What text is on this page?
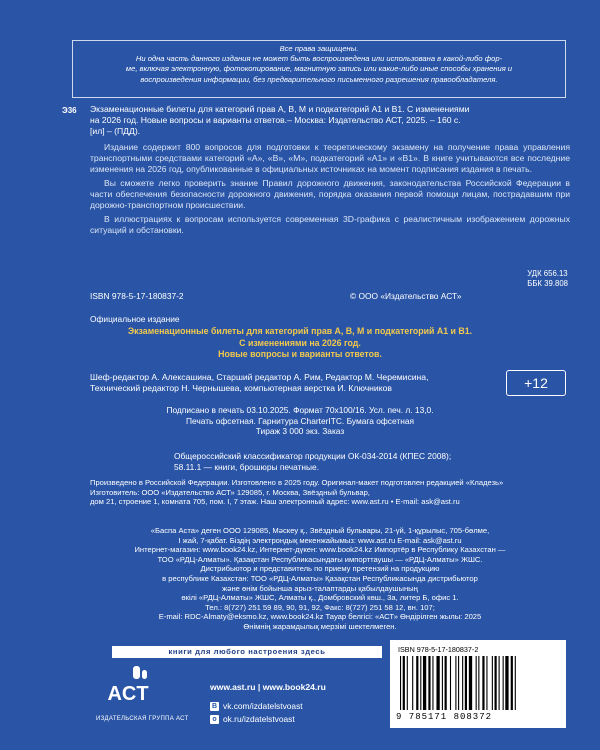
Все права защищены.
Ни одна часть данного издания не может быть воспроизведена или использована в какой-либо фор-
ме, включая электронную, фотокопирование, магнитную запись или какие-либо иные способы хранения и
воспроизведения информации, без предварительного письменного разрешения правообладателя.
Э36 Экзаменационные билеты для категорий прав А, В, М и подкатегорий А1 и В1. С изменениями
на 2026 год. Новые вопросы и варианты ответов.– Москва: Издательство АСТ, 2025. – 160 с.
[ил] – (ПДД).

Издание содержит 800 вопросов для подготовки к теоретическому экзамену на получение права управления транспортными средствами категорий «А», «В», «М», подкатегорий «А1» и «В1». В книге учитываются все последние изменения на 2026 год, опубликованные в официальных источниках на момент подписания издания в печать.

Вы сможете легко проверить знание Правил дорожного движения, законодательства Российской Федерации в части обеспечения безопасности дорожного движения, порядка оказания первой помощи лицам, пострадавшим при дорожно-транспортном происшествии.

В иллюстрациях к вопросам используется современная 3D-графика с реалистичным изображением дорожных ситуаций и обстановки.

УДК 656.13
ББК 39.808
ISBN 978-5-17-180837-2	© ООО «Издательство АСТ»
Официальное издание
Экзаменационные билеты для категорий прав А, В, М и подкатегорий А1 и В1.
С изменениями на 2026 год.
Новые вопросы и варианты ответов.
Шеф-редактор А. Алексашина, Старший редактор А. Рим, Редактор М. Черемисина,
Технический редактор Н. Чернышева, компьютерная верстка И. Ключников	+12
Подписано в печать 03.10.2025. Формат 70x100/16. Усл. печ. л. 13,0.
Печать офсетная. Гарнитура CharterITC. Бумага офсетная
Тираж 3 000 экз. Заказ
Общероссийский классификатор продукции ОК-034-2014 (КПЕС 2008);
58.11.1 — книги, брошюры печатные.
Произведено в Российской Федерации. Изготовлено в 2025 году. Оригинал-макет подготовлен редакцией «Кладезь»
Изготовитель: ООО «Издательство АСТ» 129085, г. Москва, Звёздный бульвар,
дом 21, строение 1, комната 705, пом. I, 7 этаж. Наш электронный адрес: www.ast.ru • E-mail: ask@ast.ru
«Баспа Аста» деген ООО 129085, Мәскеу қ., Звёздный бульвары, 21-үй, 1-құрылыс, 705-бөлме,
I жай, 7-қабат. Біздің электрондық мекенжайымыз: www.ast.ru E-mail: ask@ast.ru
Интернет-магазин: www.book24.kz, Интернет-дүкен: www.book24.kz Импортёр в Республику Казахстан —
ТОО «РДЦ-Алматы». Қазақстан Республикасындағы импорттаушы — «РДЦ-Алматы» ЖШС.
Дистрибьютор и представитель по приему претензий на продукцию
в республике Казахстан: ТОО «РДЦ-Алматы» Қазақстан Республикасында дистрибьютор
және өнім бойынша арыз-талаптарды қабылдаушының
өкілі «РДЦ-Алматы» ЖШС, Алматы қ., Домбровский көш., 3а, литер Б, офис 1.
Тел.: 8(727) 251 59 89, 90, 91, 92, Факс: 8(727) 251 58 12, вн. 107;
E-mail: RDC-Almaty@eksmo.kz, www.book24.kz Тауар белгісі: «АСТ» Өндірілген жылы: 2025
Өнімнің жарамдылық мерзімі шектелмеген.
книги для любого настроения здесь
ACT
ИЗДАТЕЛЬСКАЯ ГРУППА АСТ
www.ast.ru | www.book24.ru
B vk.com/izdatelstvoast
o ok.ru/izdatelstvoast
ISBN 978-5-17-180837-2
9 785171 808372
